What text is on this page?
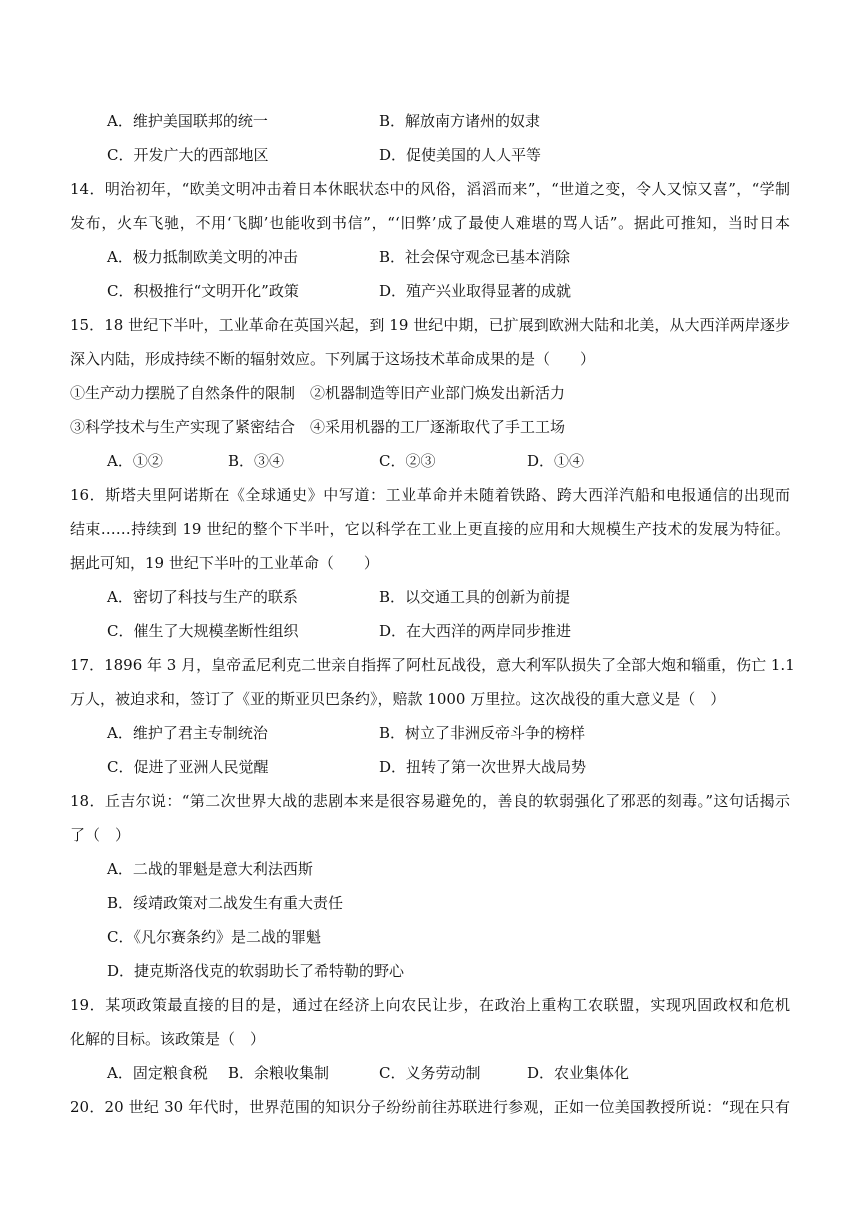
A．维护美国联邦的统一	B．解放南方诸州的奴隶
C．开发广大的西部地区	D．促使美国的人人平等
14．明治初年，“欧美文明冲击着日本休眠状态中的风俗，滔滔而来”，“世道之变，令人又惊又喜”，“学制
发布，火车飞驰，不用‘飞脚’也能收到书信”，“‘旧弊’成了最使人难堪的骂人话”。据此可推知，当时日本
A．极力抵制欧美文明的冲击	B．社会保守观念已基本消除
C．积极推行“文明开化”政策	D．殖产兴业取得显著的成就
15．18 世纪下半叶，工业革命在英国兴起，到 19 世纪中期，已扩展到欧洲大陆和北美，从大西洋两岸逐步
深入内陆，形成持续不断的辐射效应。下列属于这场技术革命成果的是（　　）
①生产动力摆脱了自然条件的限制　②机器制造等旧产业部门焕发出新活力
③科学技术与生产实现了紧密结合　④采用机器的工厂逐渐取代了手工工场
A．①②	B．③④	C．②③	D．①④
16．斯塔夫里阿诺斯在《全球通史》中写道：工业革命并未随着铁路、跨大西洋汽船和电报通信的出现而
结束……持续到 19 世纪的整个下半叶，它以科学在工业上更直接的应用和大规模生产技术的发展为特征。
据此可知，19 世纪下半叶的工业革命（　　）
A．密切了科技与生产的联系	B．以交通工具的创新为前提
C．催生了大规模垄断性组织	D．在大西洋的两岸同步推进
17．1896 年 3 月，皇帝孟尼利克二世亲自指挥了阿杜瓦战役，意大利军队损失了全部大炮和辎重，伤亡 1.1
万人，被迫求和，签订了《亚的斯亚贝巴条约》，赔款 1000 万里拉。这次战役的重大意义是（　）
A．维护了君主专制统治	B．树立了非洲反帝斗争的榜样
C．促进了亚洲人民觉醒	D．扭转了第一次世界大战局势
18．丘吉尔说：“第二次世界大战的悲剧本来是很容易避免的，善良的软弱强化了邪恶的刻毒。”这句话揭示
了（　）
A．二战的罪魁是意大利法西斯
B．绥靖政策对二战发生有重大责任
C．《凡尔赛条约》是二战的罪魁
D．捷克斯洛伐克的软弱助长了希特勒的野心
19．某项政策最直接的目的是，通过在经济上向农民让步，在政治上重构工农联盟，实现巩固政权和危机
化解的目标。该政策是（　）
A．固定粮食税 B．余粮收集制	C．义务劳动制	D．农业集体化
20．20 世纪 30 年代时，世界范围的知识分子纷纷前往苏联进行参观，正如一位美国教授所说：“现在只有
